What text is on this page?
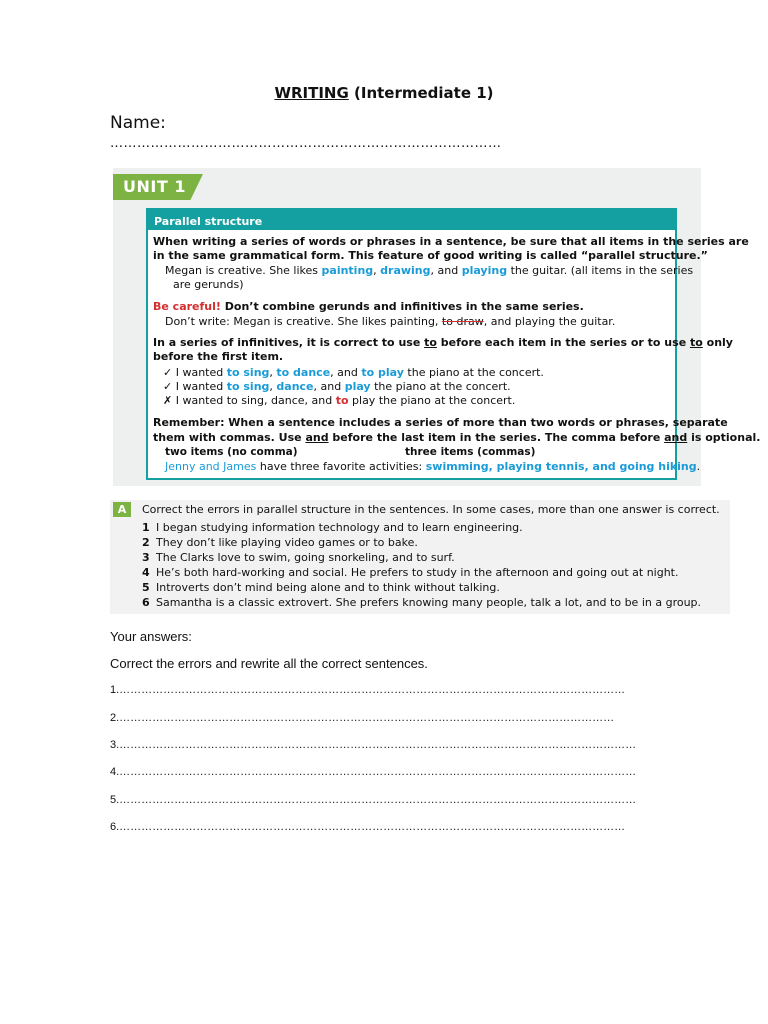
WRITING (Intermediate 1)
Name:
……………………………………………………………………………
UNIT 1
Parallel structure
When writing a series of words or phrases in a sentence, be sure that all items in the series are
in the same grammatical form. This feature of good writing is called “parallel structure.”
Megan is creative. She likes painting, drawing, and playing the guitar. (all items in the series
are gerunds)
Be careful! Don’t combine gerunds and infinitives in the same series.
Don’t write: Megan is creative. She likes painting, to draw, and playing the guitar.
In a series of infinitives, it is correct to use to before each item in the series or to use to only
before the first item.
✓ I wanted to sing, to dance, and to play the piano at the concert.
✓ I wanted to sing, dance, and play the piano at the concert.
✗ I wanted to sing, dance, and to play the piano at the concert.
Remember: When a sentence includes a series of more than two words or phrases, separate
them with commas. Use and before the last item in the series. The comma before and is optional.
two items (no comma)	three items (commas)
Jenny and James have three favorite activities: swimming, playing tennis, and going hiking.
A	Correct the errors in parallel structure in the sentences. In some cases, more than one answer is correct.
1 I began studying information technology and to learn engineering.
2 They don’t like playing video games or to bake.
3 The Clarks love to swim, going snorkeling, and to surf.
4 He’s both hard-working and social. He prefers to study in the afternoon and going out at night.
5 Introverts don’t mind being alone and to think without talking.
6 Samantha is a classic extrovert. She prefers knowing many people, talk a lot, and to be in a group.
Your answers:
Correct the errors and rewrite all the correct sentences.
1.…………………………………………………………………………………………………………………………
2.………………………………………………………………………………………………………………………
3.……………………………………………………………………………………………………………………………
4.……………………………………………………………………………………………………………………………
5.……………………………………………………………………………………………………………………………
6.…………………………………………………………………………………………………………………………
